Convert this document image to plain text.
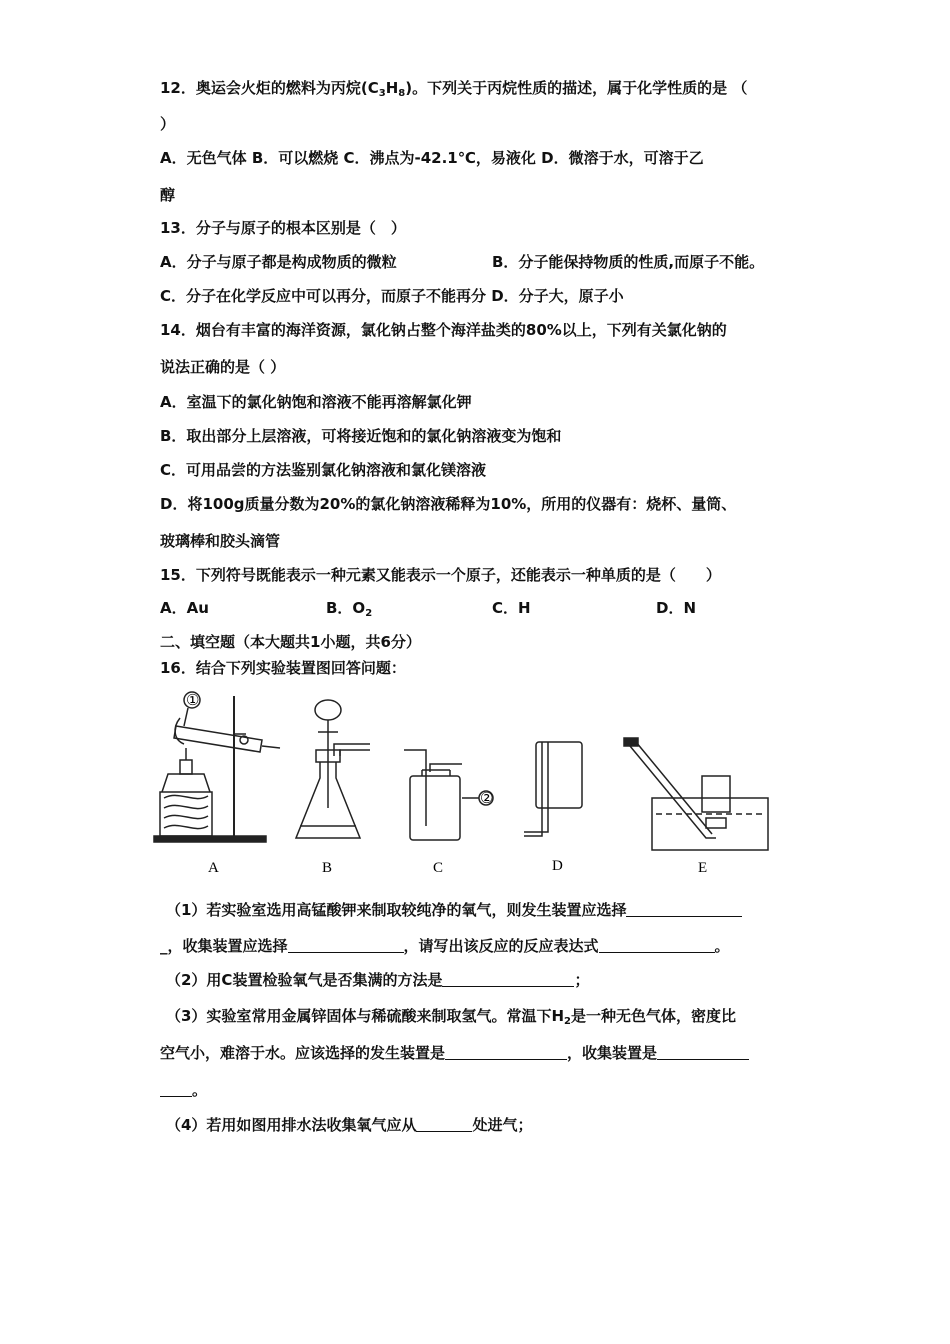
12．奥运会火炬的燃料为丙烷$(C_3H_8)$。下列关于丙烷性质的描述，属于化学性质的是 （
）
A．无色气体 B．可以燃烧 C．沸点为-42.1℃，易液化 D．微溶于水，可溶于乙
醇
13．分子与原子的根本区别是（　）
A．分子与原子都是构成物质的微粒	B．分子能保持物质的性质,而原子不能。
C．分子在化学反应中可以再分，而原子不能再分 D．分子大，原子小
14．烟台有丰富的海洋资源，氯化钠占整个海洋盐类的80%以上，下列有关氯化钠的
说法正确的是（ ）
A．室温下的氯化钠饱和溶液不能再溶解氯化钾
B．取出部分上层溶液，可将接近饱和的氯化钠溶液变为饱和
C．可用品尝的方法鉴别氯化钠溶液和氯化镁溶液
D．将100g质量分数为20%的氯化钠溶液稀释为10%，所用的仪器有：烧杯、量筒、
玻璃棒和胶头滴管
15．下列符号既能表示一种元素又能表示一个原子，还能表示一种单质的是（　　）
A．Au	B．$O_2$	C．H	D．N
二、填空题（本大题共1小题，共6分）
16．结合下列实验装置图回答问题：
①
②
A	B	C	D	E
（1）若实验室选用高锰酸钾来制取较纯净的氧气，则发生装置应选择
_，收集装置应选择	，请写出该反应的反应表达式	。
（2）用C装置检验氧气是否集满的方法是	；
（3）实验室常用金属锌固体与稀硫酸来制取氢气。常温下$H_2$是一种无色气体，密度比
空气小，难溶于水。应该选择的发生装置是	，收集装置是
。
（4）若用如图用排水法收集氧气应从	处进气；
